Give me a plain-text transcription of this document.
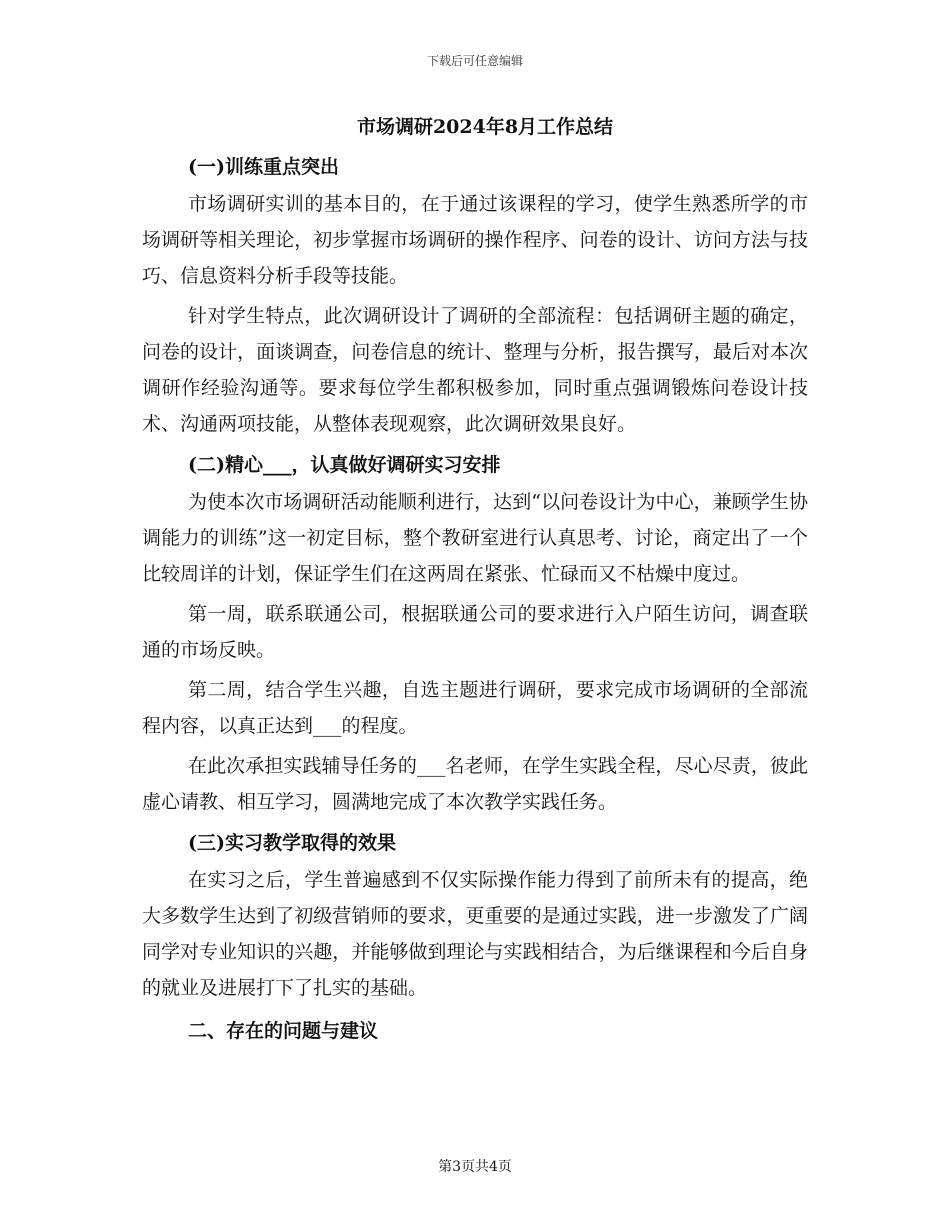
下载后可任意编辑
市场调研2024年8月工作总结
(一)训练重点突出

市场调研实训的基本目的，在于通过该课程的学习，使学生熟悉所学的市场调研等相关理论，初步掌握市场调研的操作程序、问卷的设计、访问方法与技巧、信息资料分析手段等技能。

针对学生特点，此次调研设计了调研的全部流程：包括调研主题的确定，问卷的设计，面谈调查，问卷信息的统计、整理与分析，报告撰写，最后对本次调研作经验沟通等。要求每位学生都积极参加，同时重点强调锻炼问卷设计技术、沟通两项技能，从整体表现观察，此次调研效果良好。

(二)精心___，认真做好调研实习安排

为使本次市场调研活动能顺利进行，达到“以问卷设计为中心，兼顾学生协调能力的训练”这一初定目标，整个教研室进行认真思考、讨论，商定出了一个比较周详的计划，保证学生们在这两周在紧张、忙碌而又不枯燥中度过。

第一周，联系联通公司，根据联通公司的要求进行入户陌生访问，调查联通的市场反映。

第二周，结合学生兴趣，自选主题进行调研，要求完成市场调研的全部流程内容，以真正达到___的程度。

在此次承担实践辅导任务的___名老师，在学生实践全程，尽心尽责，彼此虚心请教、相互学习，圆满地完成了本次教学实践任务。

(三)实习教学取得的效果

在实习之后，学生普遍感到不仅实际操作能力得到了前所未有的提高，绝大多数学生达到了初级营销师的要求，更重要的是通过实践，进一步激发了广阔同学对专业知识的兴趣，并能够做到理论与实践相结合，为后继课程和今后自身的就业及进展打下了扎实的基础。

二、存在的问题与建议
第3页共4页
